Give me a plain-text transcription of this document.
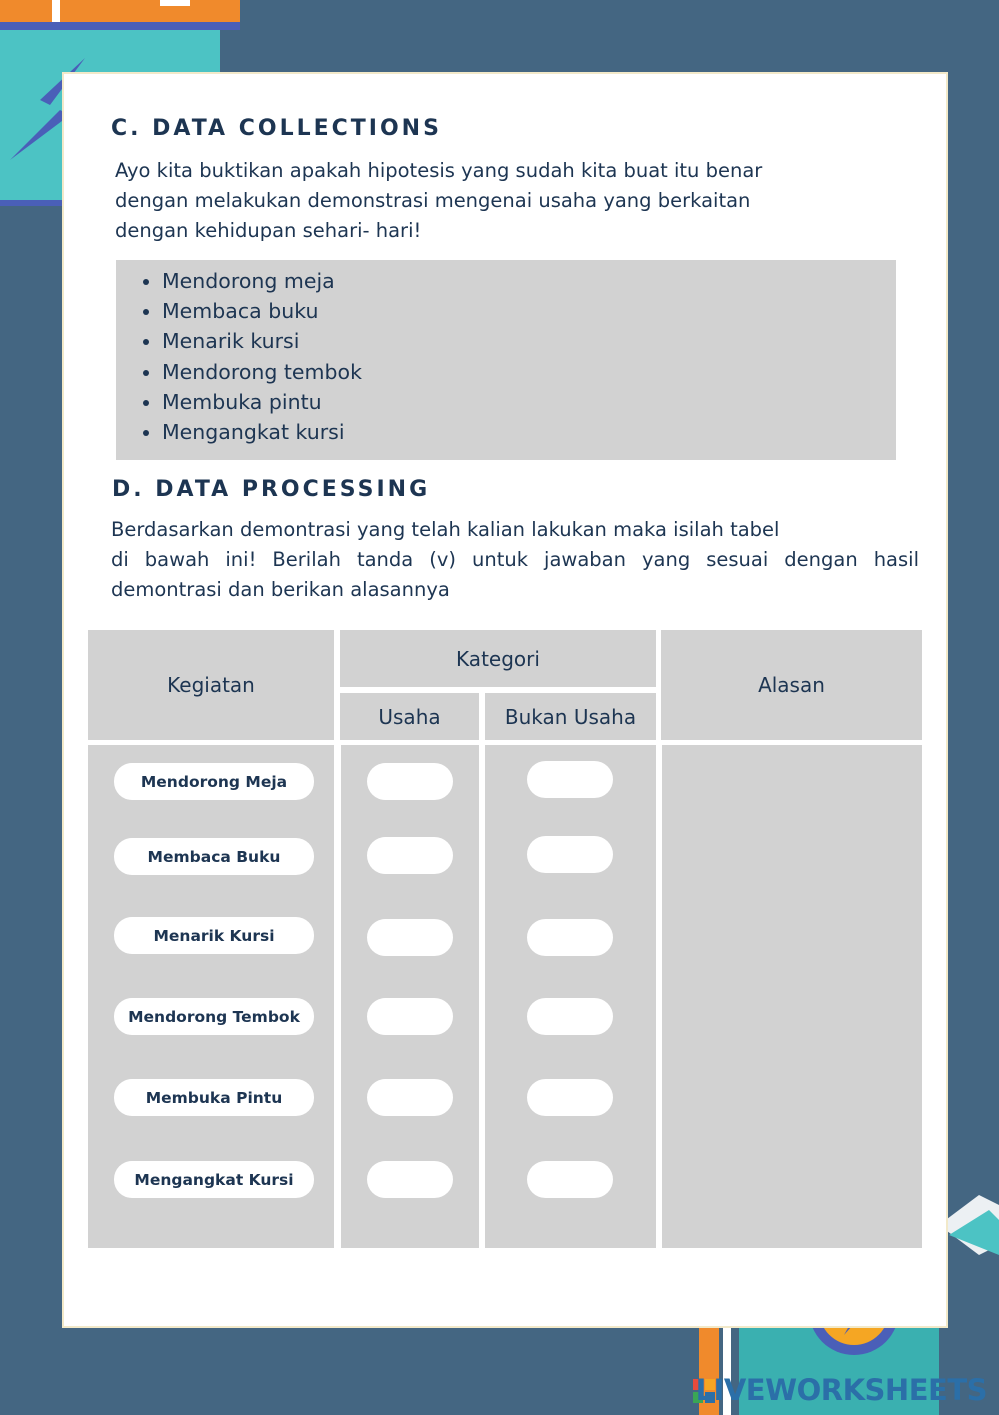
C. DATA COLLECTIONS
Ayo kita buktikan apakah hipotesis yang sudah kita buat itu benar
dengan melakukan demonstrasi mengenai usaha yang berkaitan
dengan kehidupan sehari- hari!
• Mendorong meja
• Membaca buku
• Menarik kursi
• Mendorong tembok
• Membuka pintu
• Mengangkat kursi
D. DATA PROCESSING
Berdasarkan demontrasi yang telah kalian lakukan maka isilah tabel
di bawah ini! Berilah tanda (v) untuk jawaban yang sesuai dengan hasil
demontrasi dan berikan alasannya
Kegiatan
Kategori
Usaha	Bukan Usaha
Alasan
Mendorong Meja
Membaca Buku
Menarik Kursi
Mendorong Tembok
Membuka Pintu
Mengangkat Kursi
LIVEWORKSHEETS
